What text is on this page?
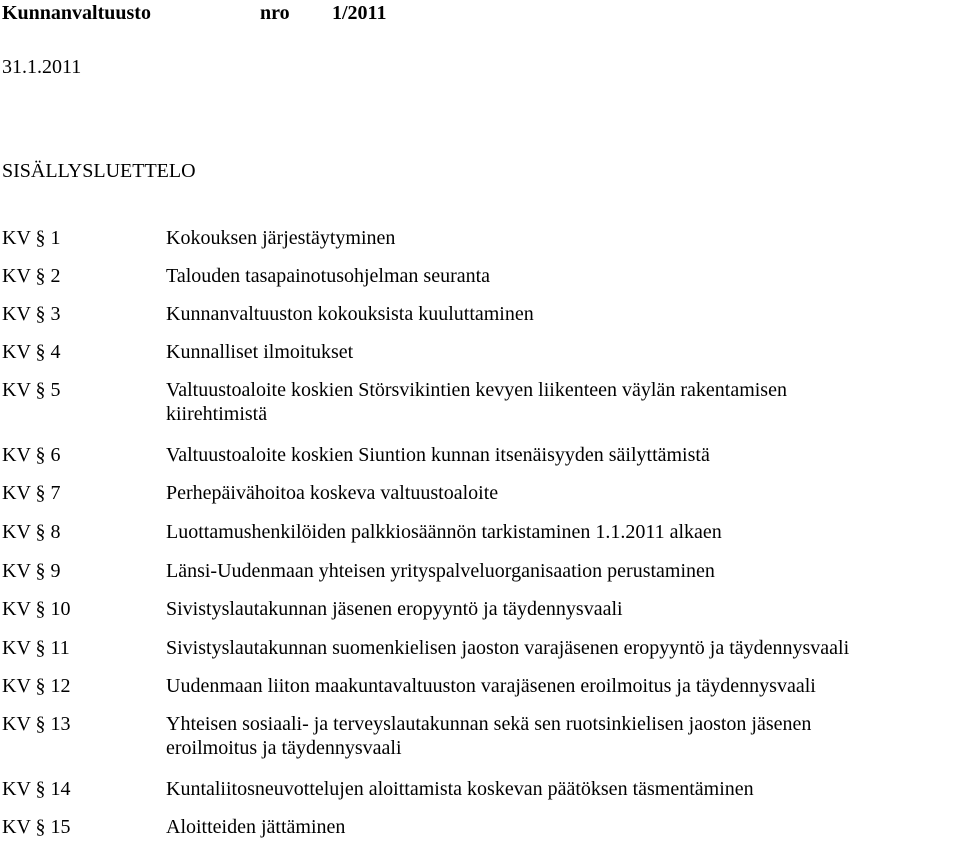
Kunnanvaltuusto	nro 1/2011
31.1.2011
SISÄLLYSLUETTELO
KV § 1	Kokouksen järjestäytyminen
KV § 2	Talouden tasapainotusohjelman seuranta
KV § 3	Kunnanvaltuuston kokouksista kuuluttaminen
KV § 4	Kunnalliset ilmoitukset
KV § 5	Valtuustoaloite koskien Störsvikintien kevyen liikenteen väylän rakentamisen
kiirehtimistä
KV § 6	Valtuustoaloite koskien Siuntion kunnan itsenäisyyden säilyttämistä
KV § 7	Perhepäivähoitoa koskeva valtuustoaloite
KV § 8	Luottamushenkilöiden palkkiosäännön tarkistaminen 1.1.2011 alkaen
KV § 9	Länsi-Uudenmaan yhteisen yrityspalveluorganisaation perustaminen
KV § 10	Sivistyslautakunnan jäsenen eropyyntö ja täydennysvaali
KV § 11	Sivistyslautakunnan suomenkielisen jaoston varajäsenen eropyyntö ja täydennysvaali
KV § 12	Uudenmaan liiton maakuntavaltuuston varajäsenen eroilmoitus ja täydennysvaali
KV § 13	Yhteisen sosiaali- ja terveyslautakunnan sekä sen ruotsinkielisen jaoston jäsenen
eroilmoitus ja täydennysvaali
KV § 14	Kuntaliitosneuvottelujen aloittamista koskevan päätöksen täsmentäminen
KV § 15	Aloitteiden jättäminen
